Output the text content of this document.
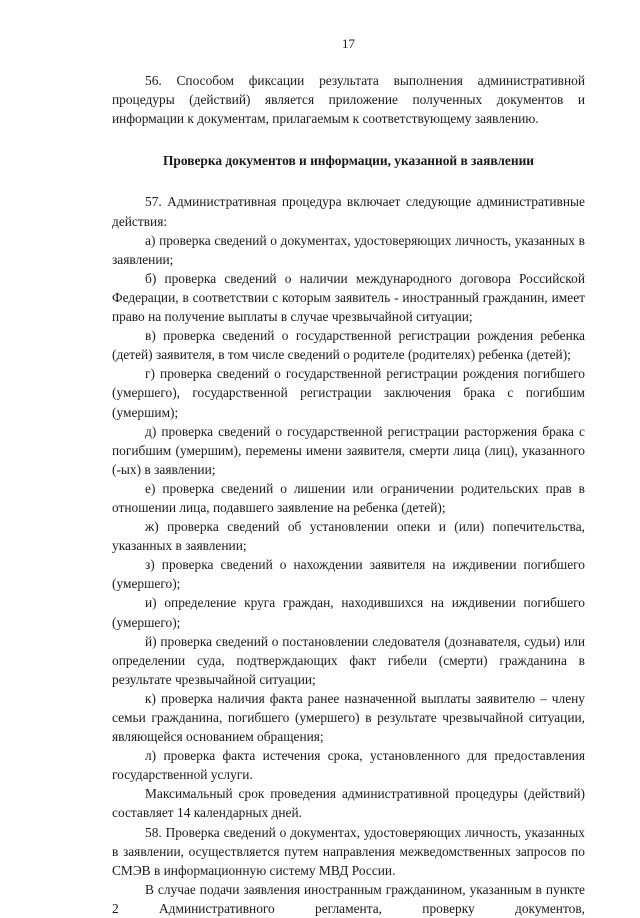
17

56. Способом фиксации результата выполнения административной процедуры (действий) является приложение полученных документов и информации к документам, прилагаемым к соответствующему заявлению.

Проверка документов и информации, указанной в заявлении

57. Административная процедура включает следующие административные действия:

а) проверка сведений о документах, удостоверяющих личность, указанных в заявлении;
б) проверка сведений о наличии международного договора Российской Федерации, в соответствии с которым заявитель - иностранный гражданин, имеет право на получение выплаты в случае чрезвычайной ситуации;
в) проверка сведений о государственной регистрации рождения ребенка (детей) заявителя, в том числе сведений о родителе (родителях) ребенка (детей);
г) проверка сведений о государственной регистрации рождения погибшего (умершего), государственной регистрации заключения брака с погибшим (умершим);
д) проверка сведений о государственной регистрации расторжения брака с погибшим (умершим), перемены имени заявителя, смерти лица (лиц), указанного (-ых) в заявлении;
е) проверка сведений о лишении или ограничении родительских прав в отношении лица, подавшего заявление на ребенка (детей);
ж) проверка сведений об установлении опеки и (или) попечительства, указанных в заявлении;
з) проверка сведений о нахождении заявителя на иждивении погибшего (умершего);
и) определение круга граждан, находившихся на иждивении погибшего (умершего);
й) проверка сведений о постановлении следователя (дознавателя, судьи) или определении суда, подтверждающих факт гибели (смерти) гражданина в результате чрезвычайной ситуации;
к) проверка наличия факта ранее назначенной выплаты заявителю – члену семьи гражданина, погибшего (умершего) в результате чрезвычайной ситуации, являющейся основанием обращения;
л) проверка факта истечения срока, установленного для предоставления государственной услуги.

Максимальный срок проведения административной процедуры (действий) составляет 14 календарных дней.

58. Проверка сведений о документах, удостоверяющих личность, указанных в заявлении, осуществляется путем направления межведомственных запросов по СМЭВ в информационную систему МВД России.

В случае подачи заявления иностранным гражданином, указанным в пункте 2 Административного регламента, проверку документов,
